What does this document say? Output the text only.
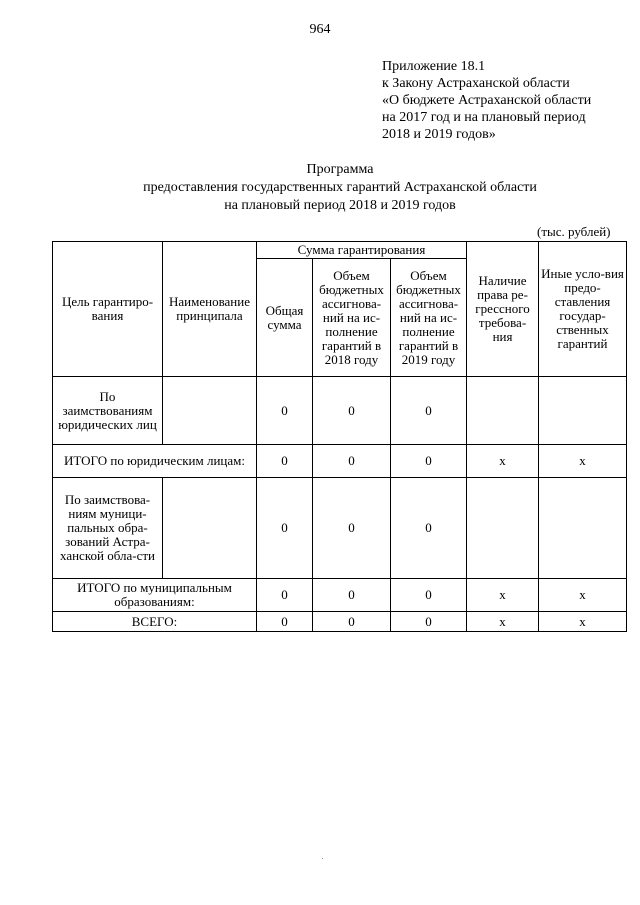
964
Приложение 18.1
к Закону Астраханской области
«О бюджете Астраханской области
на 2017 год и на плановый период
2018 и 2019 годов»
Программа
предоставления государственных гарантий Астраханской области
на плановый период 2018 и 2019 годов
(тыс. рублей)
Цель гарантиро-вания	Наименование принципала	Сумма гарантирования			Наличие права ре-грессного требова-ния	Иные усло-вия предо-ставления государ-ственных гарантий
		Общая сумма	Объем бюджетных ассигнова-ний на ис-полнение гарантий в 2018 году	Объем бюджетных ассигнова-ний на ис-полнение гарантий в 2019 году		
По заимствованиям юридических лиц		0	0	0		
ИТОГО по юридическим лицам:		0	0	0	х	х
По заимствова-ниям муници-пальных обра-зований Астра-ханской обла-сти		0	0	0		
ИТОГО по муниципальным образованиям:		0	0	0	х	х
ВСЕГО:		0	0	0	х	х
